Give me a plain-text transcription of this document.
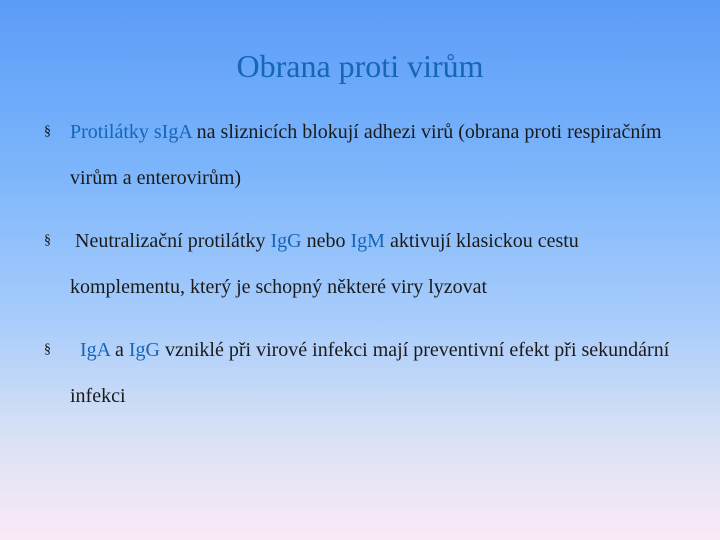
Obrana proti virům
§ Protilátky sIgA na sliznicích blokují adhezi virů (obrana proti respiračním virům a enterovirům)

§ Neutralizační protilátky IgG nebo IgM aktivují klasickou cestu komplementu, který je schopný některé viry lyzovat

§	IgA a IgG vzniklé při virové infekci mají preventivní efekt při sekundární infekci
